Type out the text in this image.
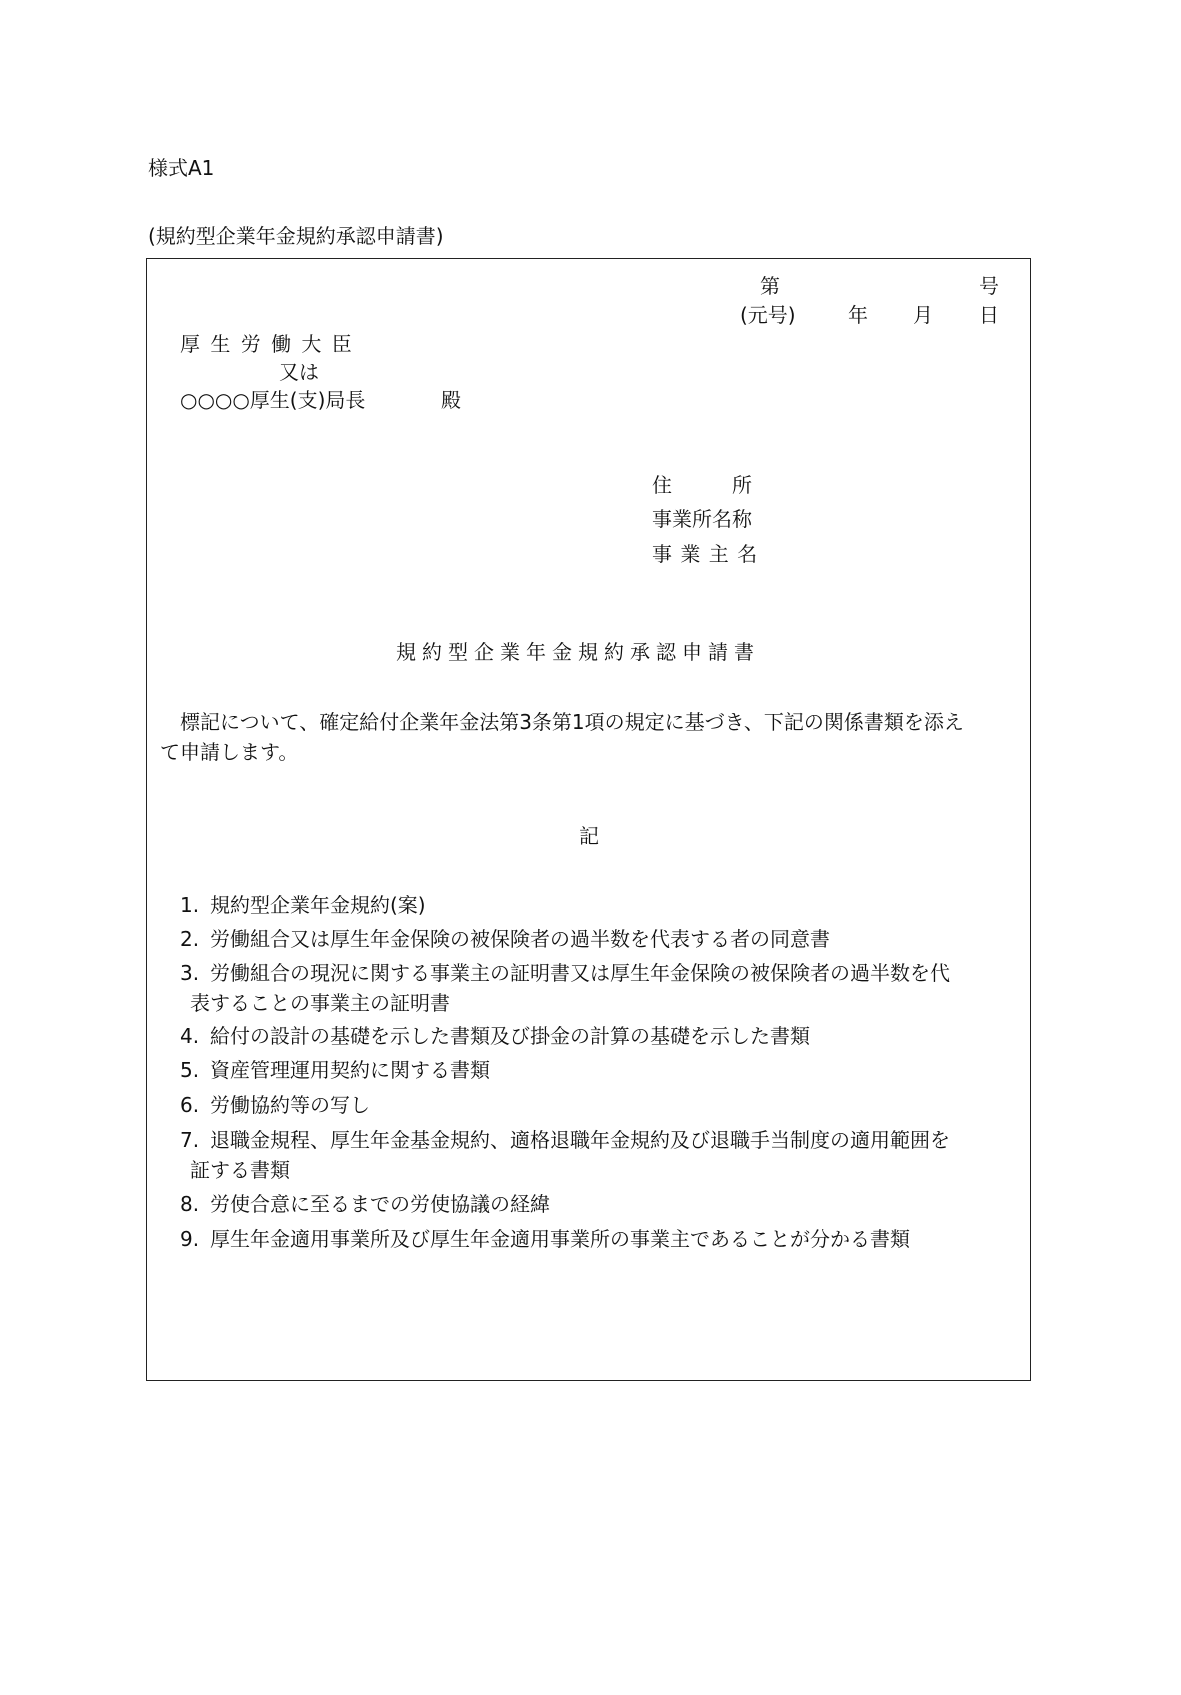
様式A1
(規約型企業年金規約承認申請書)
第	号
(元号)	年 月 日
厚 生 労 働 大 臣
又は
○○○○厚生(支)局長	殿
住　　　所
事業所名称
事 業 主 名
規約型企業年金規約承認申請書
標記について、確定給付企業年金法第3条第1項の規定に基づき、下記の関係書類を添え
て申請します。
記
1. 規約型企業年金規約(案)
2. 労働組合又は厚生年金保険の被保険者の過半数を代表する者の同意書
3. 労働組合の現況に関する事業主の証明書又は厚生年金保険の被保険者の過半数を代
表することの事業主の証明書
4. 給付の設計の基礎を示した書類及び掛金の計算の基礎を示した書類
5. 資産管理運用契約に関する書類
6. 労働協約等の写し
7. 退職金規程、厚生年金基金規約、適格退職年金規約及び退職手当制度の適用範囲を
証する書類
8. 労使合意に至るまでの労使協議の経緯
9. 厚生年金適用事業所及び厚生年金適用事業所の事業主であることが分かる書類
